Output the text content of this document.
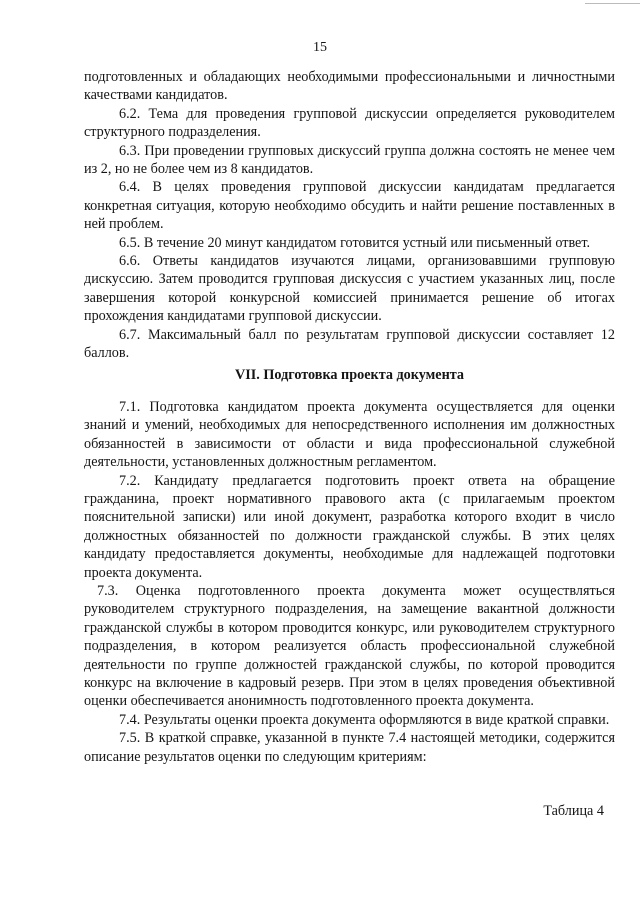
15

подготовленных и обладающих необходимыми профессиональными и личностными качествами кандидатов.

6.2. Тема для проведения групповой дискуссии определяется руководителем структурного подразделения.

6.3. При проведении групповых дискуссий группа должна состоять не менее чем из 2, но не более чем из 8 кандидатов.

6.4. В целях проведения групповой дискуссии кандидатам предлагается конкретная ситуация, которую необходимо обсудить и найти решение поставленных в ней проблем.

6.5. В течение 20 минут кандидатом готовится устный или письменный ответ.

6.6. Ответы кандидатов изучаются лицами, организовавшими групповую дискуссию. Затем проводится групповая дискуссия с участием указанных лиц, после завершения которой конкурсной комиссией принимается решение об итогах прохождения кандидатами групповой дискуссии.

6.7. Максимальный балл по результатам групповой дискуссии составляет 12 баллов.

VII. Подготовка проекта документа

7.1. Подготовка кандидатом проекта документа осуществляется для оценки знаний и умений, необходимых для непосредственного исполнения им должностных обязанностей в зависимости от области и вида профессиональной служебной деятельности, установленных должностным регламентом.

7.2. Кандидату предлагается подготовить проект ответа на обращение гражданина, проект нормативного правового акта (с прилагаемым проектом пояснительной записки) или иной документ, разработка которого входит в число должностных обязанностей по должности гражданской службы. В этих целях кандидату предоставляется документы, необходимые для надлежащей подготовки проекта документа.

7.3. Оценка подготовленного проекта документа может осуществляться руководителем структурного подразделения, на замещение вакантной должности гражданской службы в котором проводится конкурс, или руководителем структурного подразделения, в котором реализуется область профессиональной служебной деятельности по группе должностей гражданской службы, по которой проводится конкурс на включение в кадровый резерв. При этом в целях проведения объективной оценки обеспечивается анонимность подготовленного проекта документа.

7.4. Результаты оценки проекта документа оформляются в виде краткой справки.

7.5. В краткой справке, указанной в пункте 7.4 настоящей методики, содержится описание результатов оценки по следующим критериям:

Таблица 4
